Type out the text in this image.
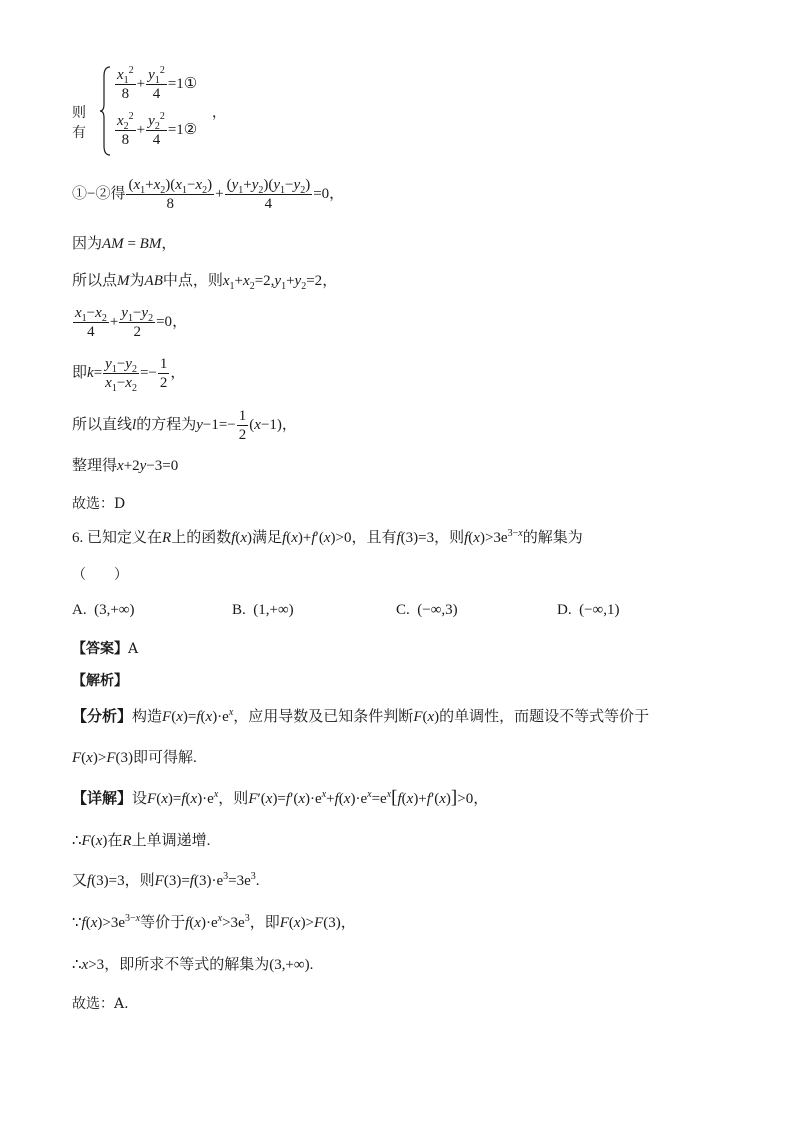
则有
$\frac{x_1^2}{8} + \frac{y_1^2}{4}$ =1①
$\frac{x_2^2}{8} + \frac{y_2^2}{4}$ =1②
，
①−②得 $\frac{(x_1+x_2)(x_1-x_2)}{8} + \frac{(y_1+y_2)(y_1-y_2)}{4} =0$，
因为AM = BM，
所以点M为AB中点，则$x_1+x_2=2,y_1+y_2=2$，
$\frac{x_1-x_2}{4} + \frac{y_1-y_2}{2} =0$，
即$k= \frac{y_1-y_2}{x_1-x_2} =- \frac{1}{2}$ ，
所以直线l的方程为$y-1=- \frac{1}{2} (x-1)$，
整理得x+2y−3=0
故选：D
6. 已知定义在R上的函数f(x)满足f(x)+f′(x)>0，且有f(3)=3，则$f(x)>3e^{3-x}$的解集为
（　　）
A. (3,+∞)	B. (1,+∞)	C. (−∞,3)	D. (−∞,1)
【答案】A
【解析】
【分析】构造$F(x)=f(x)\cdot e^x$，应用导数及已知条件判断F(x)的单调性，而题设不等式等价于
F(x)>F(3)即可得解.
【详解】设$F(x)=f(x)\cdot e^x$，则$F'(x)=f'(x)\cdot e^x+f(x)\cdot e^x=e^x[f(x)+f'(x)]>0$，
∴F(x)在R上单调递增.
又f(3)=3，则$F(3)=f(3)\cdot e^3=3e^3$.
$\because f(x)>3e^{3-x}$等价于$f(x)\cdot e^x>3e^3$，即F(x)>F(3)，
∴x>3，即所求不等式的解集为(3,+∞).
故选：A.
